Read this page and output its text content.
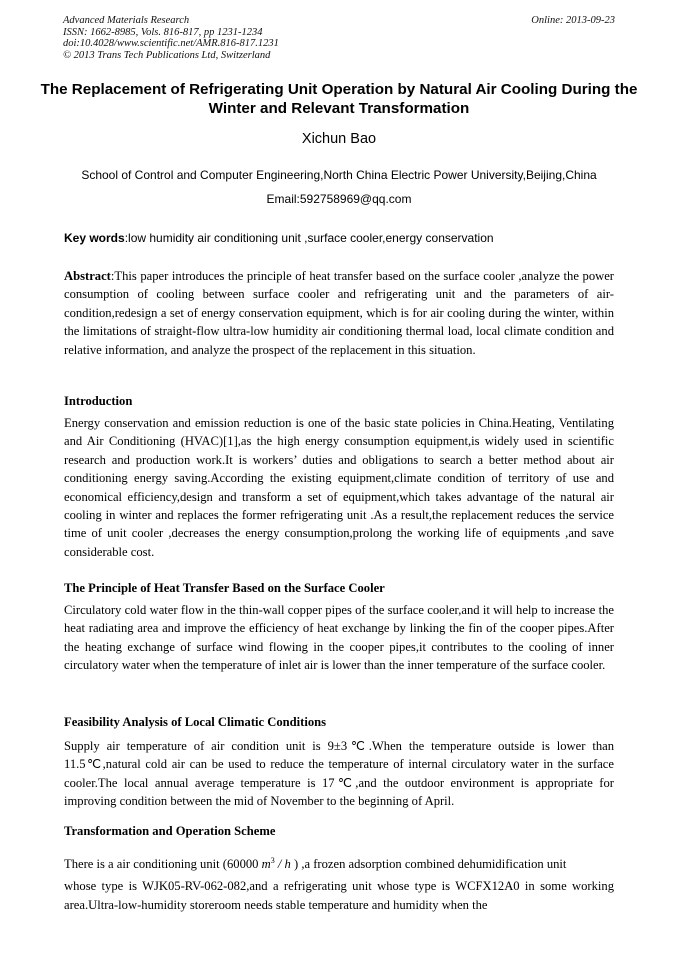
Advanced Materials Research
ISSN: 1662-8985, Vols. 816-817, pp 1231-1234
doi:10.4028/www.scientific.net/AMR.816-817.1231
© 2013 Trans Tech Publications Ltd, Switzerland
Online: 2013-09-23
The Replacement of Refrigerating Unit Operation by Natural Air Cooling During the Winter and Relevant Transformation
Xichun Bao
School of Control and Computer Engineering,North China Electric Power University,Beijing,China
Email:592758969@qq.com
Key words:low humidity air conditioning unit ,surface cooler,energy conservation
Abstract:This paper introduces the principle of heat transfer based on the surface cooler ,analyze the power consumption of cooling between surface cooler and refrigerating unit and the parameters of air-condition,redesign a set of energy conservation equipment, which is for air cooling during the winter, within the limitations of straight-flow ultra-low humidity air conditioning thermal load, local climate condition and relative information, and analyze the prospect of the replacement in this situation.
Introduction
Energy conservation and emission reduction is one of the basic state policies in China.Heating, Ventilating and Air Conditioning (HVAC)[1],as the high energy consumption equipment,is widely used in scientific research and production work.It is workers’ duties and obligations to search a better method about air conditioning energy saving.According the existing equipment,climate condition of territory of use and economical efficiency,design and transform a set of equipment,which takes advantage of the natural air cooling in winter and replaces the former refrigerating unit .As a result,the replacement reduces the service time of unit cooler ,decreases the energy consumption,prolong the working life of equipments ,and save considerable cost.
The Principle of Heat Transfer Based on the Surface Cooler
Circulatory cold water flow in the thin-wall copper pipes of the surface cooler,and it will help to increase the heat radiating area and improve the efficiency of heat exchange by linking the fin of the cooper pipes.After the heating exchange of surface wind flowing in the cooper pipes,it contributes to the cooling of inner circulatory water when the temperature of inlet air is lower than the inner temperature of the surface cooler.
Feasibility Analysis of Local Climatic Conditions
Supply air temperature of air condition unit is 9±3℃.When the temperature outside is lower than 11.5℃,natural cold air can be used to reduce the temperature of internal circulatory water in the surface cooler.The local annual average temperature is 17℃,and the outdoor environment is appropriate for improving condition between the mid of November to the beginning of April.
Transformation and Operation Scheme
There is a air conditioning unit (60000 $m^3$ / h ) ,a frozen adsorption combined dehumidification unit
whose type is WJK05-RV-062-082,and a refrigerating unit whose type is WCFX12A0 in some working area.Ultra-low-humidity storeroom needs stable temperature and humidity when the
